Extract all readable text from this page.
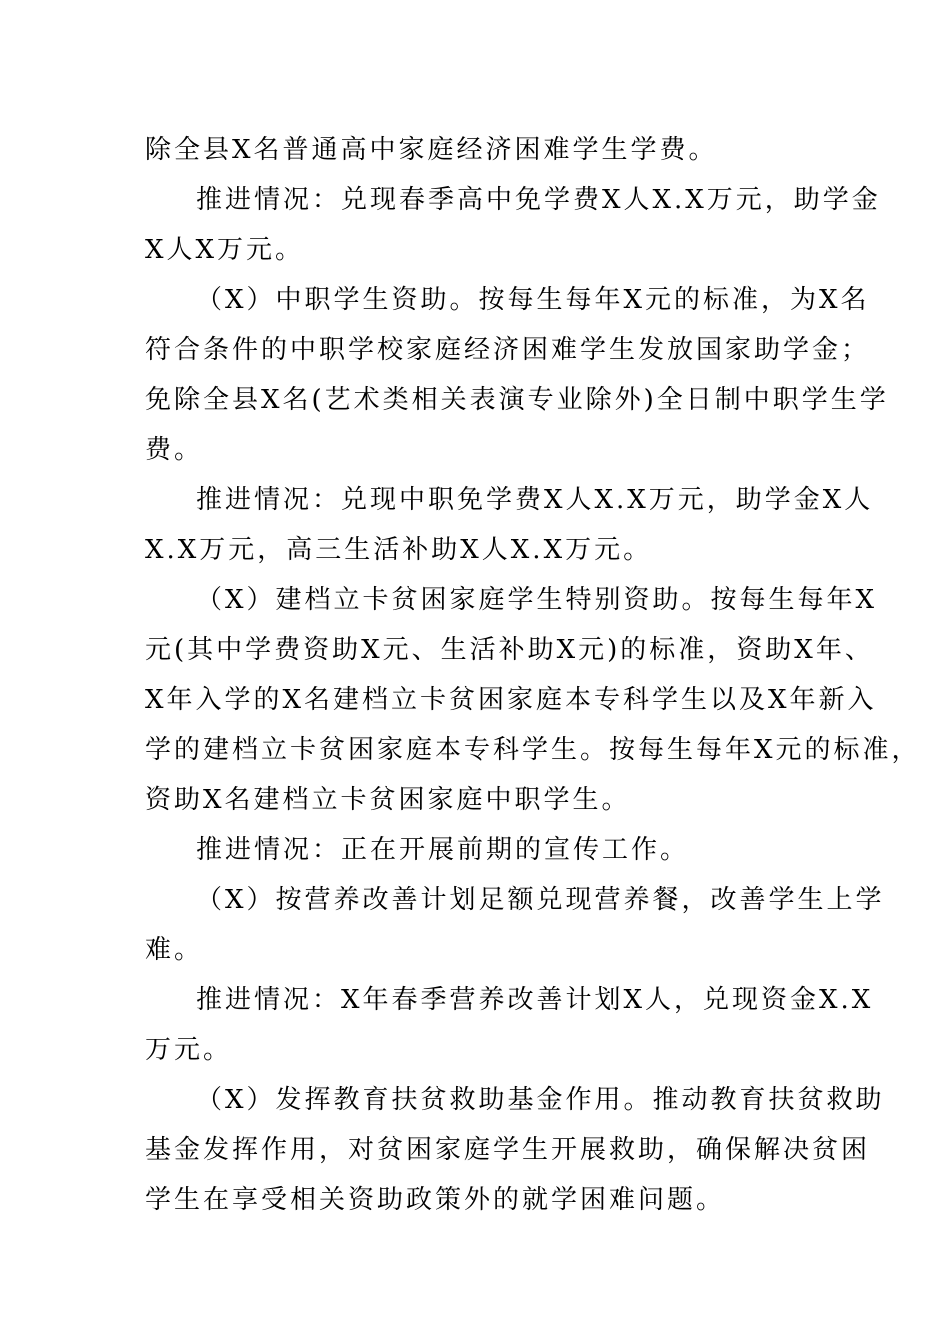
除全县X名普通高中家庭经济困难学生学费。
推进情况：兑现春季高中免学费X人X.X万元，助学金
X人X万元。
（X）中职学生资助。按每生每年X元的标准，为X名
符合条件的中职学校家庭经济困难学生发放国家助学金；
免除全县X名(艺术类相关表演专业除外)全日制中职学生学
费。
推进情况：兑现中职免学费X人X.X万元，助学金X人
X.X万元，高三生活补助X人X.X万元。
（X）建档立卡贫困家庭学生特别资助。按每生每年X
元(其中学费资助X元、生活补助X元)的标准，资助X年、
X年入学的X名建档立卡贫困家庭本专科学生以及X年新入
学的建档立卡贫困家庭本专科学生。按每生每年X元的标准，
资助X名建档立卡贫困家庭中职学生。
推进情况：正在开展前期的宣传工作。
（X）按营养改善计划足额兑现营养餐，改善学生上学
难。
推进情况：X年春季营养改善计划X人，兑现资金X.X
万元。
（X）发挥教育扶贫救助基金作用。推动教育扶贫救助
基金发挥作用，对贫困家庭学生开展救助，确保解决贫困
学生在享受相关资助政策外的就学困难问题。
